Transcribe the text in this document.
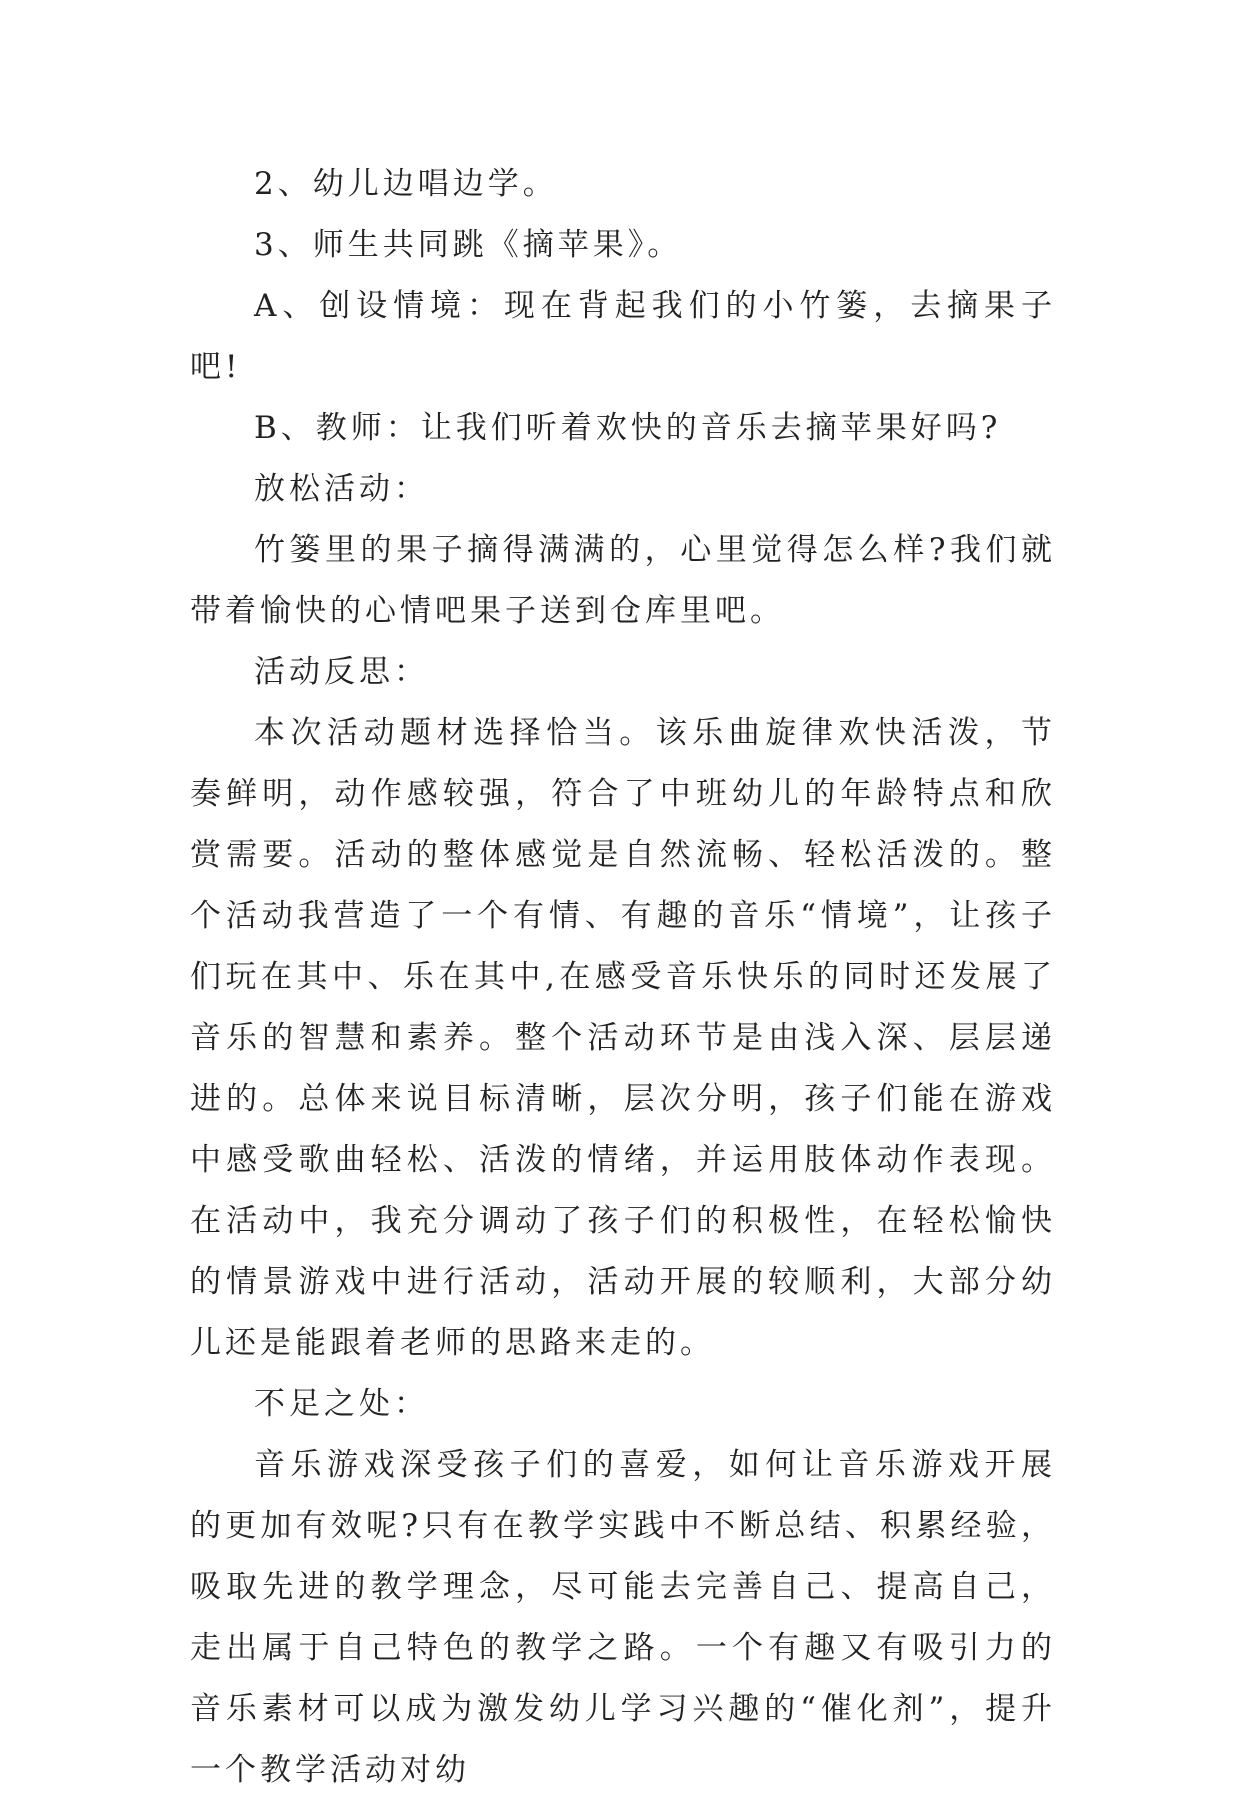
2、幼儿边唱边学。

3、师生共同跳《摘苹果》。

A、创设情境：现在背起我们的小竹篓，去摘果子吧!

B、教师：让我们听着欢快的音乐去摘苹果好吗?

放松活动：

竹篓里的果子摘得满满的，心里觉得怎么样?我们就带着愉快的心情吧果子送到仓库里吧。

活动反思：

本次活动题材选择恰当。该乐曲旋律欢快活泼，节奏鲜明，动作感较强，符合了中班幼儿的年龄特点和欣赏需要。活动的整体感觉是自然流畅、轻松活泼的。整个活动我营造了一个有情、有趣的音乐“情境”，让孩子们玩在其中、乐在其中,在感受音乐快乐的同时还发展了音乐的智慧和素养。整个活动环节是由浅入深、层层递进的。总体来说目标清晰，层次分明，孩子们能在游戏中感受歌曲轻松、活泼的情绪，并运用肢体动作表现。在活动中，我充分调动了孩子们的积极性，在轻松愉快的情景游戏中进行活动，活动开展的较顺利，大部分幼儿还是能跟着老师的思路来走的。

不足之处：

音乐游戏深受孩子们的喜爱，如何让音乐游戏开展的更加有效呢?只有在教学实践中不断总结、积累经验，吸取先进的教学理念，尽可能去完善自己、提高自己，走出属于自己特色的教学之路。一个有趣又有吸引力的音乐素材可以成为激发幼儿学习兴趣的“催化剂”，提升一个教学活动对幼
